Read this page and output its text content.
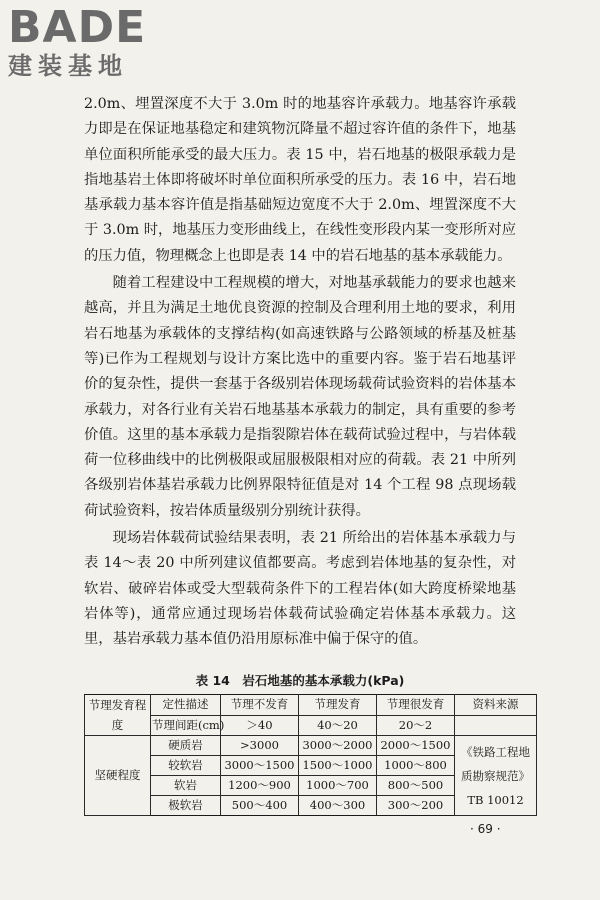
BADE
建装基地

2.0m、埋置深度不大于 3.0m 时的地基容许承载力。地基容许承载力即是在保证地基稳定和建筑物沉降量不超过容许值的条件下，地基单位面积所能承受的最大压力。表 15 中，岩石地基的极限承载力是指地基岩土体即将破坏时单位面积所承受的压力。表 16 中，岩石地基承载力基本容许值是指基础短边宽度不大于 2.0m、埋置深度不大于 3.0m 时，地基压力变形曲线上，在线性变形段内某一变形所对应的压力值，物理概念上也即是表 14 中的岩石地基的基本承载能力。

随着工程建设中工程规模的增大，对地基承载能力的要求也越来越高，并且为满足土地优良资源的控制及合理利用土地的要求，利用岩石地基为承载体的支撑结构(如高速铁路与公路领域的桥基及桩基等)已作为工程规划与设计方案比选中的重要内容。鉴于岩石地基评价的复杂性，提供一套基于各级别岩体现场载荷试验资料的岩体基本承载力，对各行业有关岩石地基基本承载力的制定，具有重要的参考价值。这里的基本承载力是指裂隙岩体在载荷试验过程中，与岩体载荷一位移曲线中的比例极限或屈服极限相对应的荷载。表 21 中所列各级别岩体基岩承载力比例界限特征值是对 14 个工程 98 点现场载荷试验资料，按岩体质量级别分别统计获得。

现场岩体载荷试验结果表明，表 21 所给出的岩体基本承载力与表 14～表 20 中所列建议值都要高。考虑到岩体地基的复杂性，对软岩、破碎岩体或受大型载荷条件下的工程岩体(如大跨度桥梁地基岩体等)，通常应通过现场岩体载荷试验确定岩体基本承载力。这里，基岩承载力基本值仍沿用原标准中偏于保守的值。

表 14　岩石地基的基本承载力(kPa)
节理发育程度	定性描述	节理不发育	节理发育	节理很发育	资料来源
	节理间距(cm)	＞40	40～20	20～2	
坚硬程度	硬质岩	>3000	3000～2000	2000～1500	《铁路工程地质勘察规范》TB 10012
	较软岩	3000～1500	1500～1000	1000～800	
	软岩	1200～900	1000～700	800～500	
	极软岩	500～400	400～300	300～200	
· 69 ·
